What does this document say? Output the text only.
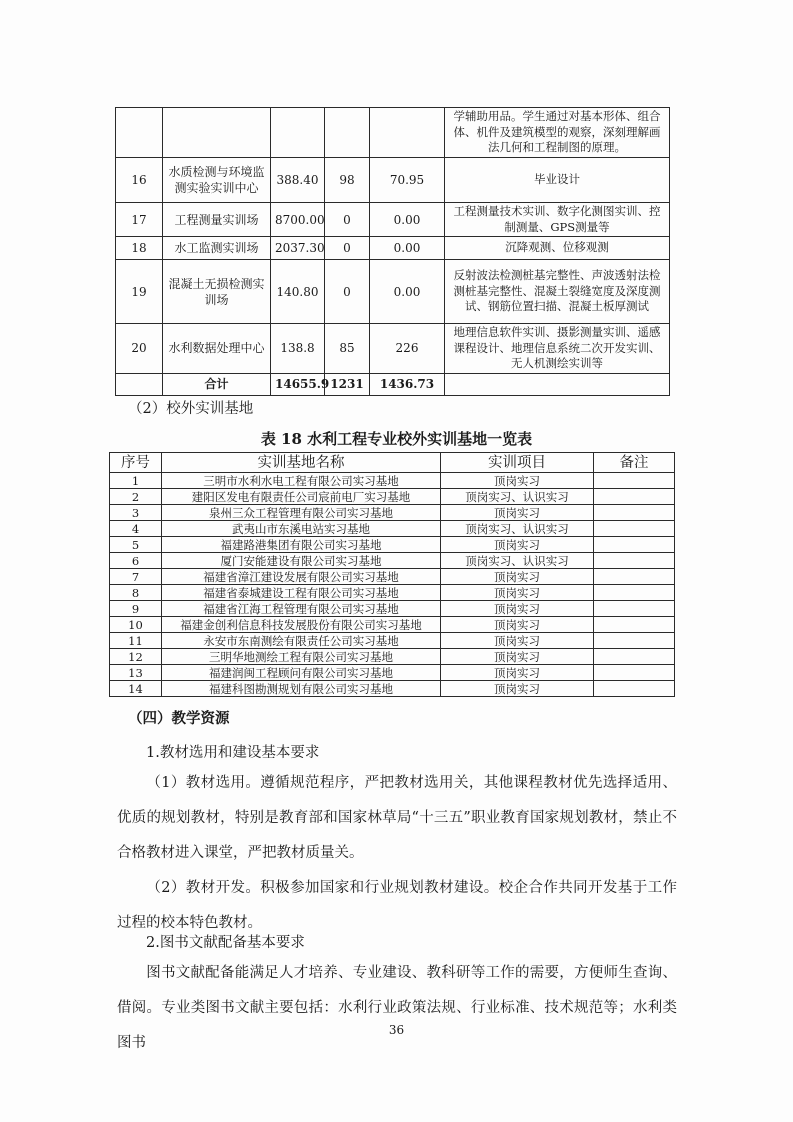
					学辅助用品。学生通过对基本形体、组合体、机件及建筑模型的观察，深刻理解画法几何和工程制图的原理。
16	水质检测与环境监测实验实训中心	388.40	98	70.95	毕业设计
17	工程测量实训场	8700.00	0	0.00	工程测量技术实训、数字化测图实训、控制测量、GPS测量等
18	水工监测实训场	2037.30	0	0.00	沉降观测、位移观测
19	混凝土无损检测实训场	140.80	0	0.00	反射波法检测桩基完整性、声波透射法检测桩基完整性、混凝土裂缝宽度及深度测试、钢筋位置扫描、混凝土板厚测试
20	水利数据处理中心	138.8	85	226	地理信息软件实训、摄影测量实训、遥感课程设计、地理信息系统二次开发实训、无人机测绘实训等
	合计	14655.9	1231	1436.73	
（2）校外实训基地
表 18 水利工程专业校外实训基地一览表
序号	实训基地名称	实训项目	备注
1	三明市水利水电工程有限公司实习基地	顶岗实习	
2	建阳区发电有限责任公司宸前电厂实习基地	顶岗实习、认识实习	
3	泉州三众工程管理有限公司实习基地	顶岗实习	
4	武夷山市东溪电站实习基地	顶岗实习、认识实习	
5	福建路港集团有限公司实习基地	顶岗实习	
6	厦门安能建设有限公司实习基地	顶岗实习、认识实习	
7	福建省漳江建设发展有限公司实习基地	顶岗实习	
8	福建省泰城建设工程有限公司实习基地	顶岗实习	
9	福建省江海工程管理有限公司实习基地	顶岗实习	
10	福建金创利信息科技发展股份有限公司实习基地	顶岗实习	
11	永安市东南测绘有限责任公司实习基地	顶岗实习	
12	三明华地测绘工程有限公司实习基地	顶岗实习	
13	福建润闽工程顾问有限公司实习基地	顶岗实习	
14	福建科图勘测规划有限公司实习基地	顶岗实习	
（四）教学资源
1.教材选用和建设基本要求
（1）教材选用。遵循规范程序，严把教材选用关，其他课程教材优先选择适用、优质的规划教材，特别是教育部和国家林草局“十三五”职业教育国家规划教材，禁止不合格教材进入课堂，严把教材质量关。
（2）教材开发。积极参加国家和行业规划教材建设。校企合作共同开发基于工作过程的校本特色教材。
2.图书文献配备基本要求
图书文献配备能满足人才培养、专业建设、教科研等工作的需要，方便师生查询、借阅。专业类图书文献主要包括：水利行业政策法规、行业标准、技术规范等；水利类图书
36
